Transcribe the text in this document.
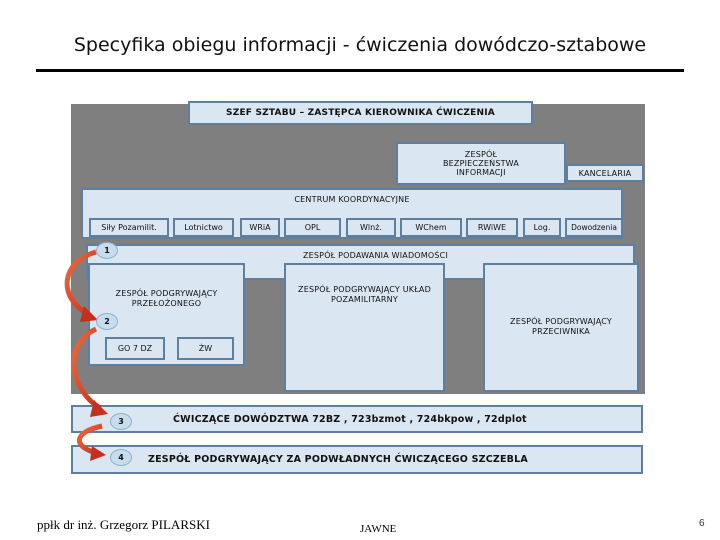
Specyfika obiegu informacji - ćwiczenia dowódczo-sztabowe
SZEF SZTABU – ZASTĘPCA KIEROWNIKA ĆWICZENIA
ZESPÓŁ BEZPIECZEŃSTWA INFORMACJI	KANCELARIA
CENTRUM KOORDYNACYJNE
Siły Pozamilit.	Lotnictwo	WRiA	OPL	Wlnż.	WChem	RWiWE	Log.	Dowodzenia
ZESPÓŁ PODAWANIA WIADOMOŚCI
ZESPÓŁ PODGRYWAJĄCY PRZEŁOŻONEGO
GO 7 DZ	ŻW
ZESPÓŁ PODGRYWAJĄCY UKŁAD POZAMILITARNY
ZESPÓŁ PODGRYWAJĄCY PRZECIWNIKA
ĆWICZĄCE DOWÓDZTWA 72BZ , 723bzmot , 724bkpow , 72dplot
ZESPÓŁ PODGRYWAJĄCY ZA PODWŁADNYCH ĆWICZĄCEGO SZCZEBLA
1
2
3
4
ppłk dr inż. Grzegorz PILARSKI	JAWNE	6
